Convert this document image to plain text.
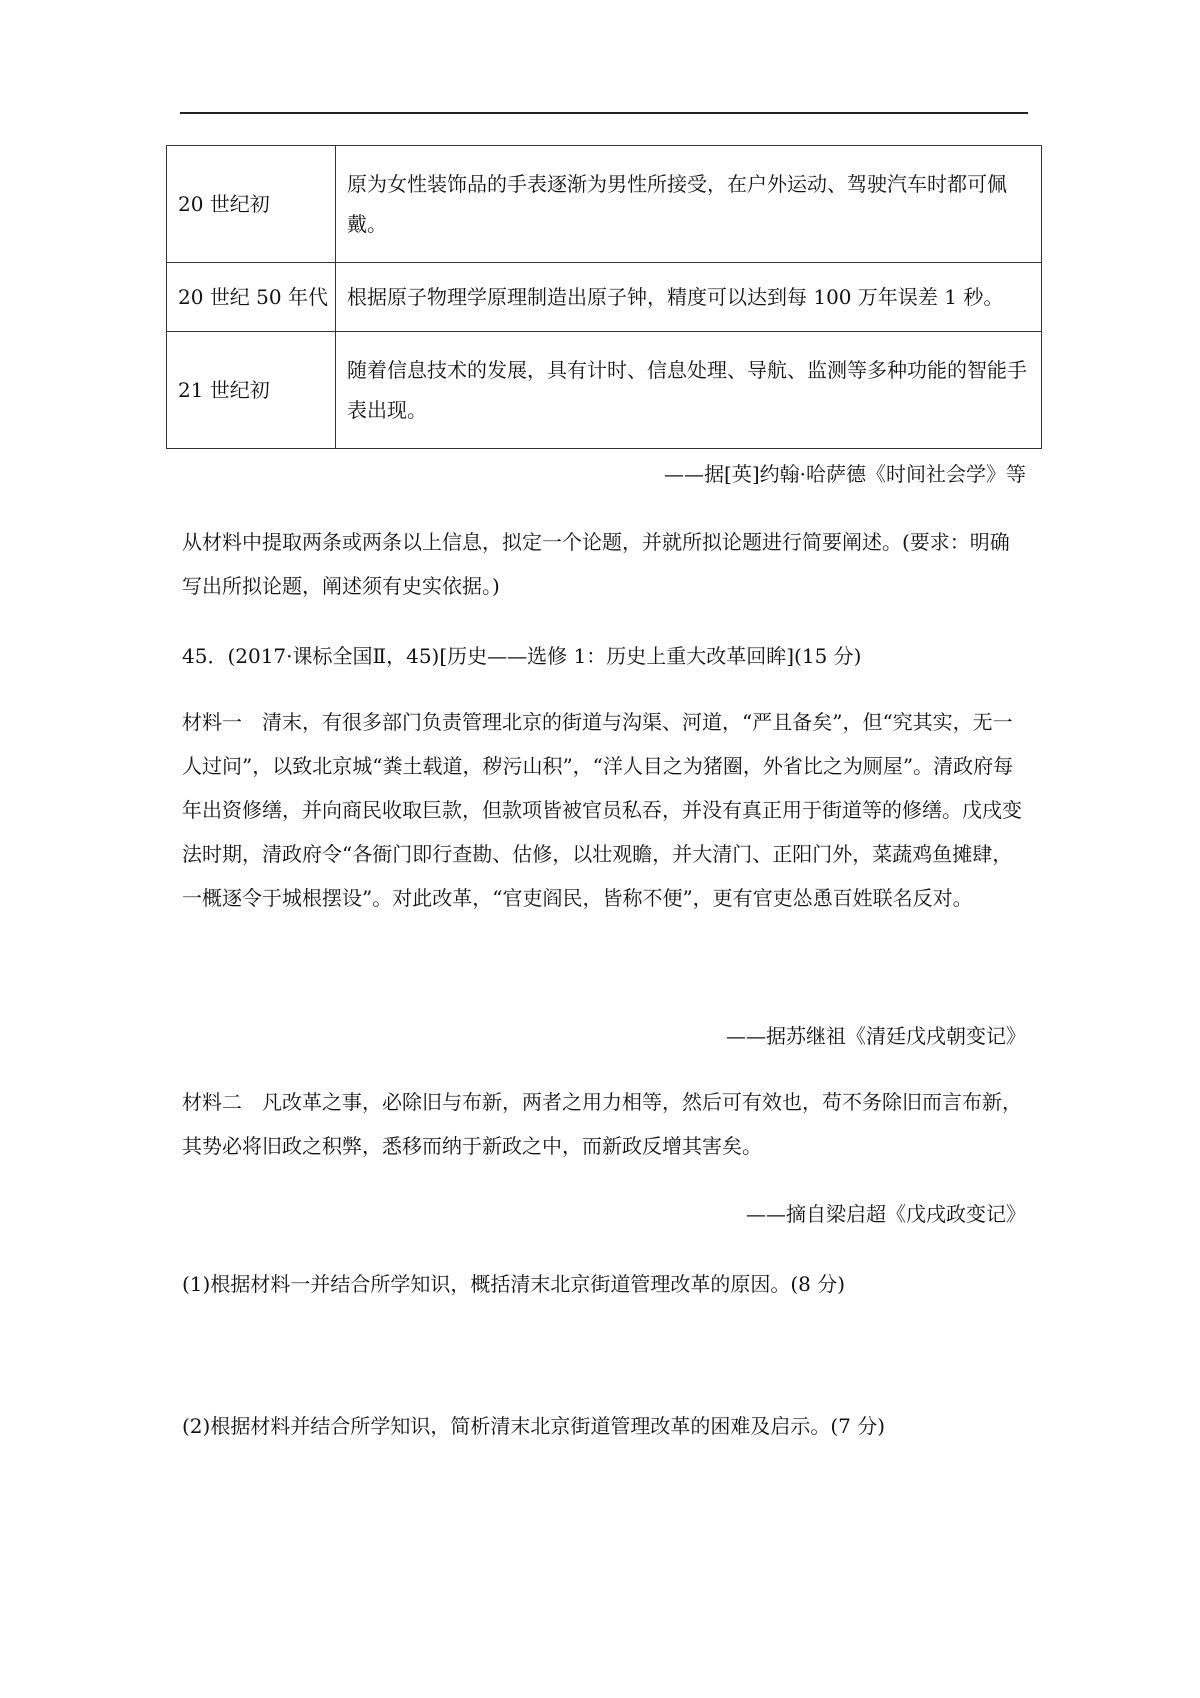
20 世纪初	原为女性装饰品的手表逐渐为男性所接受，在户外运动、驾驶汽车时都可佩戴。
20 世纪 50 年代	根据原子物理学原理制造出原子钟，精度可以达到每 100 万年误差 1 秒。
21 世纪初	随着信息技术的发展，具有计时、信息处理、导航、监测等多种功能的智能手表出现。
——据[英]约翰·哈萨德《时间社会学》等

从材料中提取两条或两条以上信息，拟定一个论题，并就所拟论题进行简要阐述。(要求：明确写出所拟论题，阐述须有史实依据。)

45．(2017·课标全国Ⅱ，45)[历史——选修 1：历史上重大改革回眸](15 分)

材料一 清末，有很多部门负责管理北京的街道与沟渠、河道，“严且备矣”，但“究其实，无一人过问”，以致北京城“粪土载道，秽污山积”，“洋人目之为猪圈，外省比之为厕屋”。清政府每年出资修缮，并向商民收取巨款，但款项皆被官员私吞，并没有真正用于街道等的修缮。戊戌变法时期，清政府令“各衙门即行查勘、估修，以壮观瞻，并大清门、正阳门外，菜蔬鸡鱼摊肆，一概逐令于城根摆设”。对此改革，“官吏阎民，皆称不便”，更有官吏怂恿百姓联名反对。

——据苏继祖《清廷戊戌朝变记》

材料二 凡改革之事，必除旧与布新，两者之用力相等，然后可有效也，苟不务除旧而言布新，其势必将旧政之积弊，悉移而纳于新政之中，而新政反增其害矣。

——摘自梁启超《戊戌政变记》

(1)根据材料一并结合所学知识，概括清末北京街道管理改革的原因。(8 分)

(2)根据材料并结合所学知识，简析清末北京街道管理改革的困难及启示。(7 分)
